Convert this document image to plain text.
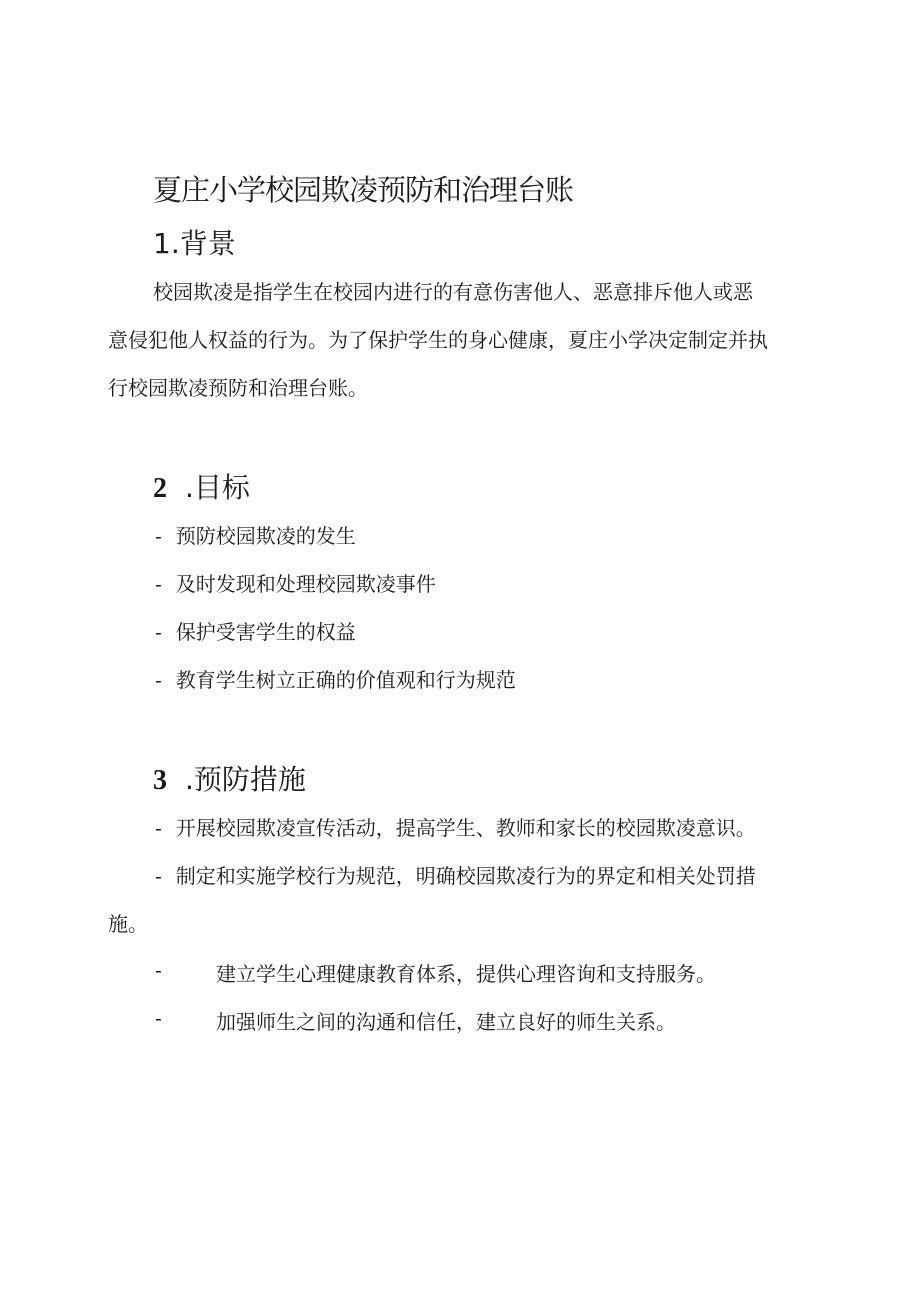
夏庄小学校园欺凌预防和治理台账
1.背景
校园欺凌是指学生在校园内进行的有意伤害他人、恶意排斥他人或恶
意侵犯他人权益的行为。为了保护学生的身心健康，夏庄小学决定制定并执
行校园欺凌预防和治理台账。
2 .目标
- 预防校园欺凌的发生
- 及时发现和处理校园欺凌事件
- 保护受害学生的权益
- 教育学生树立正确的价值观和行为规范
3 .预防措施
- 开展校园欺凌宣传活动，提高学生、教师和家长的校园欺凌意识。
- 制定和实施学校行为规范，明确校园欺凌行为的界定和相关处罚措
施。
-	建立学生心理健康教育体系，提供心理咨询和支持服务。
-	加强师生之间的沟通和信任，建立良好的师生关系。
